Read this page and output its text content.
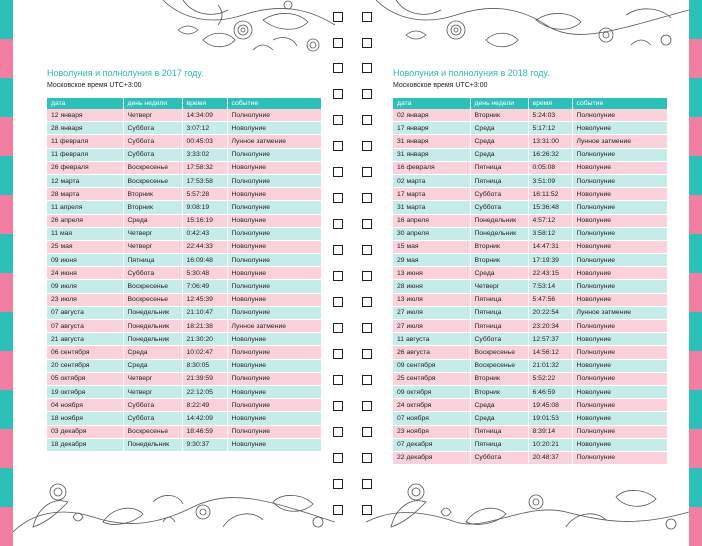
Новолуния и полнолуния в 2017 году.
Московское время UTC+3:00
дата	день недели	время	событие
12 января	Четверг	14:34:09	Полнолуние
28 января	Суббота	3:07:12	Новолуние
11 февраля	Суббота	00:45:03	Лунное затмение
11 февраля	Суббота	3:33:02	Полнолуние
26 февраля	Воскресенье	17:58:32	Новолуние
12 марта	Воскресенье	17:53:58	Полнолуние
28 марта	Вторник	5:57:28	Новолуние
11 апреля	Вторник	9:08:19	Полнолуние
26 апреля	Среда	15:16:19	Новолуние
11 мая	Четверг	0:42:43	Полнолуние
25 мая	Четверг	22:44:33	Новолуние
09 июня	Пятница	16:09:48	Полнолуние
24 июня	Суббота	5:30:48	Новолуние
09 июля	Воскресенье	7:06:49	Полнолуние
23 июля	Воскресенье	12:45:39	Новолуние
07 августа	Понедельник	21:10:47	Полнолуние
07 августа	Понедельник	18:21:38	Лунное затмение
21 августа	Понедельник	21:30:20	Новолуние
06 сентября	Среда	10:02:47	Полнолуние
20 сентября	Среда	8:30:05	Новолуние
05 октября	Четверг	21:39:59	Полнолуние
19 октября	Четверг	22:12:05	Новолуние
04 ноября	Суббота	8:22:49	Полнолуние
18 ноября	Суббота	14:42:09	Новолуние
03 декабря	Воскресенье	18:46:59	Полнолуние
18 декабря	Понедельник	9:30:37	Новолуние
Новолуния и полнолуния в 2018 году.
Московское время UTC+3:00
дата	день недели	время	событие
02 января	Вторник	5:24:03	Полнолуние
17 января	Среда	5:17:12	Новолуние
31 января	Среда	13:31:00	Лунное затмение
31 января	Среда	16:26:32	Полнолуние
16 февраля	Пятница	0:05:08	Новолуние
02 марта	Пятница	3:51:09	Полнолуние
17 марта	Суббота	16:11:52	Новолуние
31 марта	Суббота	15:36:48	Полнолуние
16 апреля	Понедельник	4:57:12	Новолуние
30 апреля	Понедельник	3:58:12	Полнолуние
15 мая	Вторник	14:47:31	Новолуние
29 мая	Вторник	17:19:39	Полнолуние
13 июня	Среда	22:43:15	Новолуние
28 июня	Четверг	7:53:14	Полнолуние
13 июля	Пятница	5:47:56	Новолуние
27 июля	Пятница	20:22:54	Лунное затмение
27 июля	Пятница	23:20:34	Полнолуние
11 августа	Суббота	12:57:37	Новолуние
26 августа	Воскресенье	14:56:12	Полнолуние
09 сентября	Воскресенье	21:01:32	Новолуние
25 сентября	Вторник	5:52:22	Полнолуние
09 октября	Вторник	6:46:59	Новолуние
24 октября	Среда	19:45:08	Полнолуние
07 ноября	Среда	19:01:53	Новолуние
23 ноября	Пятница	8:39:14	Полнолуние
07 декабря	Пятница	10:20:21	Новолуние
22 декабря	Суббота	20:48:37	Полнолуние
